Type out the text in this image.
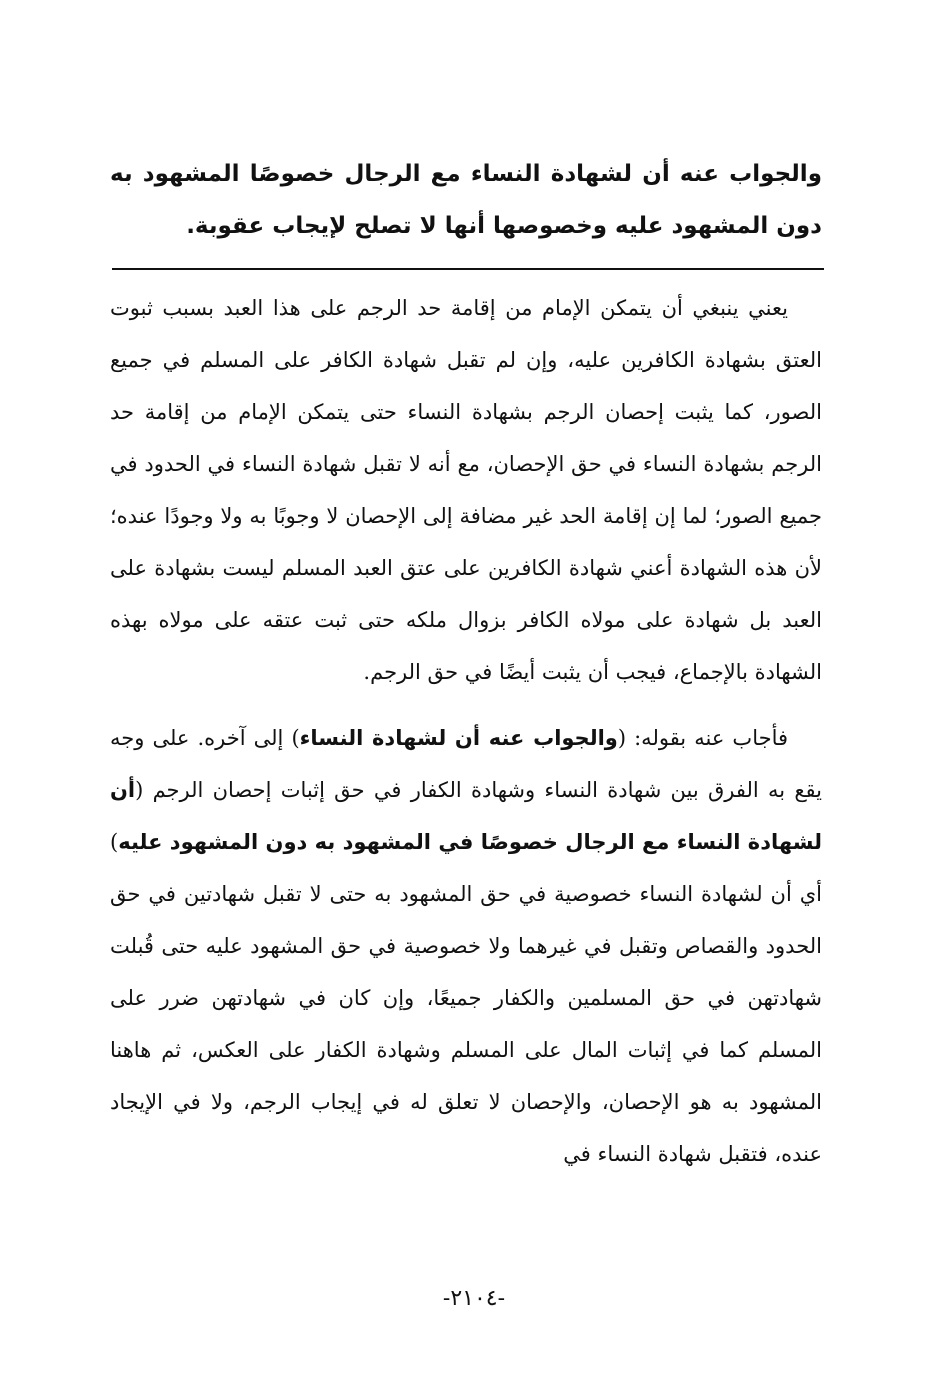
والجواب عنه أن لشهادة النساء مع الرجال خصوصًا المشهود به دون المشهود عليه وخصوصها أنها لا تصلح لإيجاب عقوبة.

يعني ينبغي أن يتمكن الإمام من إقامة حد الرجم على هذا العبد بسبب ثبوت العتق بشهادة الكافرين عليه، وإن لم تقبل شهادة الكافر على المسلم في جميع الصور، كما يثبت إحصان الرجم بشهادة النساء حتى يتمكن الإمام من إقامة حد الرجم بشهادة النساء في حق الإحصان، مع أنه لا تقبل شهادة النساء في الحدود في جميع الصور؛ لما إن إقامة الحد غير مضافة إلى الإحصان لا وجوبًا به ولا وجودًا عنده؛ لأن هذه الشهادة أعني شهادة الكافرين على عتق العبد المسلم ليست بشهادة على العبد بل شهادة على مولاه الكافر بزوال ملكه حتى ثبت عتقه على مولاه بهذه الشهادة بالإجماع، فيجب أن يثبت أيضًا في حق الرجم.

فأجاب عنه بقوله: (والجواب عنه أن لشهادة النساء) إلى آخره. على وجه يقع به الفرق بين شهادة النساء وشهادة الكفار في حق إثبات إحصان الرجم (أن لشهادة النساء مع الرجال خصوصًا في المشهود به دون المشهود عليه) أي أن لشهادة النساء خصوصية في حق المشهود به حتى لا تقبل شهادتين في حق الحدود والقصاص وتقبل في غيرهما ولا خصوصية في حق المشهود عليه حتى قُبلت شهادتهن في حق المسلمين والكفار جميعًا، وإن كان في شهادتهن ضرر على المسلم كما في إثبات المال على المسلم وشهادة الكفار على العكس، ثم هاهنا المشهود به هو الإحصان، والإحصان لا تعلق له في إيجاب الرجم، ولا في الإيجاد عنده، فتقبل شهادة النساء في

-٢١٠٤-
